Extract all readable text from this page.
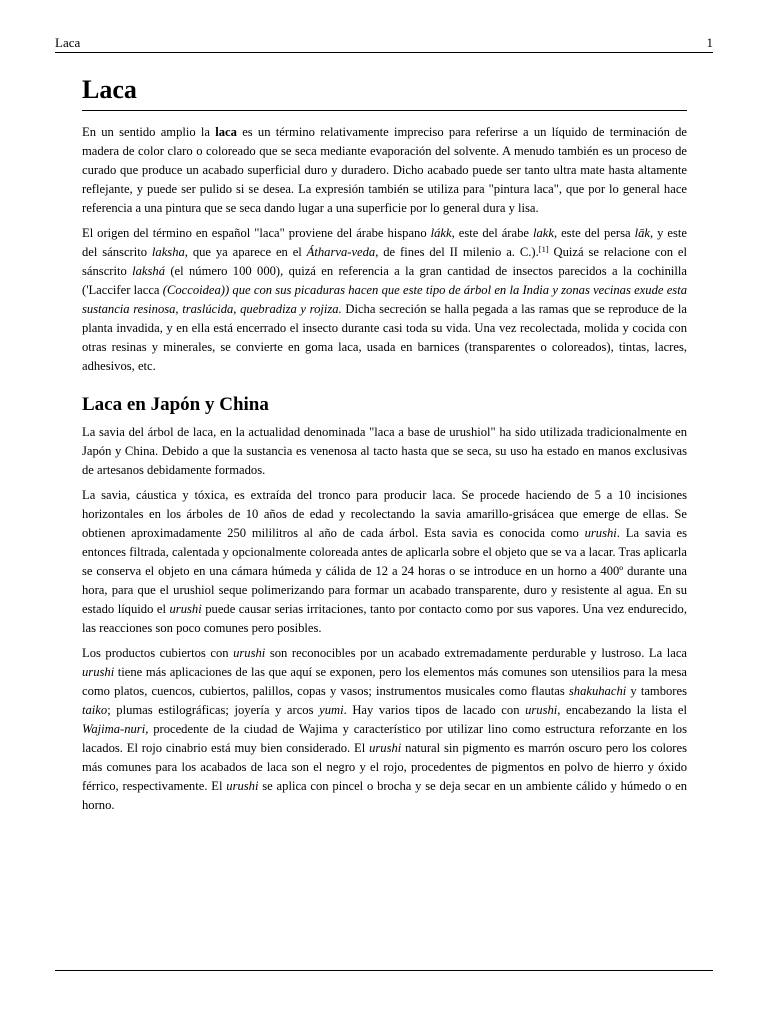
Laca	1
Laca

En un sentido amplio la laca es un término relativamente impreciso para referirse a un líquido de terminación de madera de color claro o coloreado que se seca mediante evaporación del solvente. A menudo también es un proceso de curado que produce un acabado superficial duro y duradero. Dicho acabado puede ser tanto ultra mate hasta altamente reflejante, y puede ser pulido si se desea. La expresión también se utiliza para "pintura laca", que por lo general hace referencia a una pintura que se seca dando lugar a una superficie por lo general dura y lisa.

El origen del término en español "laca" proviene del árabe hispano lákk, este del árabe lakk, este del persa lāk, y este del sánscrito laksha, que ya aparece en el Átharva-veda, de fines del II milenio a. C.).[1] Quizá se relacione con el sánscrito lakshá (el número 100 000), quizá en referencia a la gran cantidad de insectos parecidos a la cochinilla ('Laccifer lacca (Coccoidea)) que con sus picaduras hacen que este tipo de árbol en la India y zonas vecinas exude esta sustancia resinosa, traslúcida, quebradiza y rojiza. Dicha secreción se halla pegada a las ramas que se reproduce de la planta invadida, y en ella está encerrado el insecto durante casi toda su vida. Una vez recolectada, molida y cocida con otras resinas y minerales, se convierte en goma laca, usada en barnices (transparentes o coloreados), tintas, lacres, adhesivos, etc.

Laca en Japón y China

La savia del árbol de laca, en la actualidad denominada "laca a base de urushiol" ha sido utilizada tradicionalmente en Japón y China. Debido a que la sustancia es venenosa al tacto hasta que se seca, su uso ha estado en manos exclusivas de artesanos debidamente formados.

La savia, cáustica y tóxica, es extraída del tronco para producir laca. Se procede haciendo de 5 a 10 incisiones horizontales en los árboles de 10 años de edad y recolectando la savia amarillo-grisácea que emerge de ellas. Se obtienen aproximadamente 250 mililitros al año de cada árbol. Esta savia es conocida como urushi. La savia es entonces filtrada, calentada y opcionalmente coloreada antes de aplicarla sobre el objeto que se va a lacar. Tras aplicarla se conserva el objeto en una cámara húmeda y cálida de 12 a 24 horas o se introduce en un horno a 400º durante una hora, para que el urushiol seque polimerizando para formar un acabado transparente, duro y resistente al agua. En su estado líquido el urushi puede causar serias irritaciones, tanto por contacto como por sus vapores. Una vez endurecido, las reacciones son poco comunes pero posibles.

Los productos cubiertos con urushi son reconocibles por un acabado extremadamente perdurable y lustroso. La laca urushi tiene más aplicaciones de las que aquí se exponen, pero los elementos más comunes son utensilios para la mesa como platos, cuencos, cubiertos, palillos, copas y vasos; instrumentos musicales como flautas shakuhachi y tambores taiko; plumas estilográficas; joyería y arcos yumi. Hay varios tipos de lacado con urushi, encabezando la lista el Wajima-nuri, procedente de la ciudad de Wajima y característico por utilizar lino como estructura reforzante en los lacados. El rojo cinabrio está muy bien considerado. El urushi natural sin pigmento es marrón oscuro pero los colores más comunes para los acabados de laca son el negro y el rojo, procedentes de pigmentos en polvo de hierro y óxido férrico, respectivamente. El urushi se aplica con pincel o brocha y se deja secar en un ambiente cálido y húmedo o en horno.
